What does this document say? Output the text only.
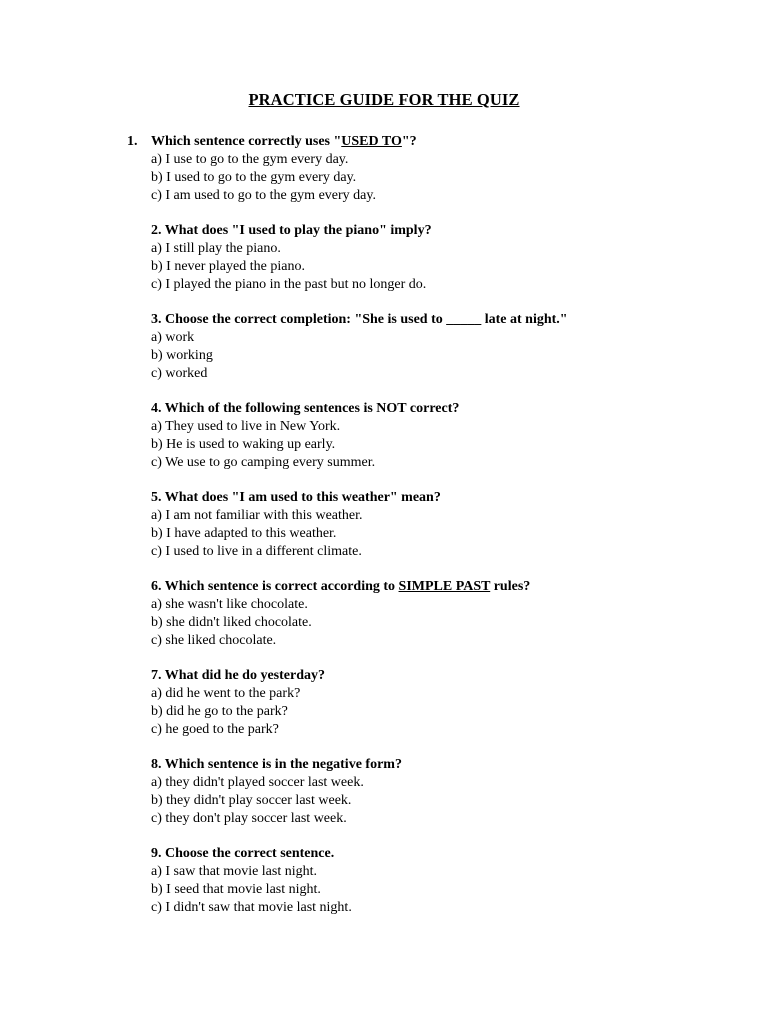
PRACTICE GUIDE FOR THE QUIZ
1. Which sentence correctly uses "USED TO"?
a) I use to go to the gym every day.
b) I used to go to the gym every day.
c) I am used to go to the gym every day.
2. What does "I used to play the piano" imply?
a) I still play the piano.
b) I never played the piano.
c) I played the piano in the past but no longer do.
3. Choose the correct completion: "She is used to _____ late at night."
a) work
b) working
c) worked
4. Which of the following sentences is NOT correct?
a) They used to live in New York.
b) He is used to waking up early.
c) We use to go camping every summer.
5. What does "I am used to this weather" mean?
a) I am not familiar with this weather.
b) I have adapted to this weather.
c) I used to live in a different climate.
6. Which sentence is correct according to SIMPLE PAST rules?
a) she wasn't like chocolate.
b) she didn't liked chocolate.
c) she liked chocolate.
7. What did he do yesterday?
a) did he went to the park?
b) did he go to the park?
c) he goed to the park?
8. Which sentence is in the negative form?
a) they didn't played soccer last week.
b) they didn't play soccer last week.
c) they don't play soccer last week.
9. Choose the correct sentence.
a) I saw that movie last night.
b) I seed that movie last night.
c) I didn't saw that movie last night.
